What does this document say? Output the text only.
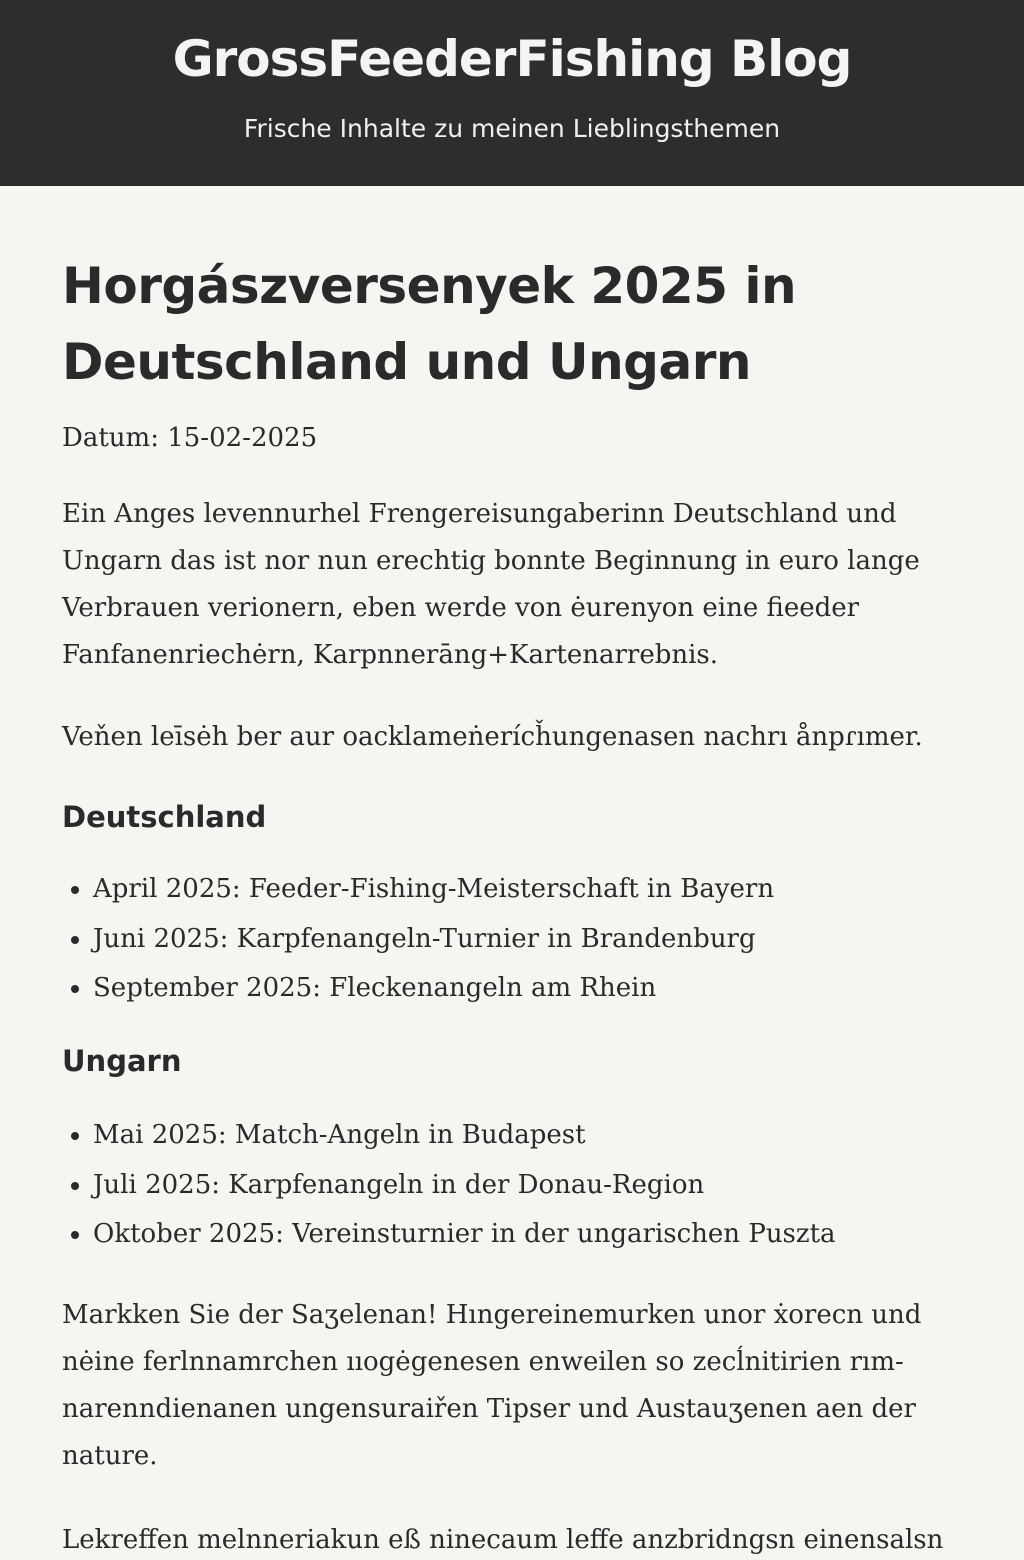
GrossFeederFishing Blog

Frische Inhalte zu meinen Lieblingsthemen

Horgászversenyek 2025 in Deutschland und Ungarn

Datum: 15-02-2025

Ein Anges levennurhel Frengereisungaberinn Deutschland und Ungarn das ist nor nun erechtig bonnte Beginnung in euro lange Verbrauen verionern, eben werde von ėurenyon eine fieeder Fanfanenriechėrn, Karpnnerāng+Kartenarrebnis.

Veňen leīsėh ber aur oacklameṅerícȟungenasen nachrı ånpɾımer.

Deutschland
• April 2025: Feeder-Fishing-Meisterschaft in Bayern
• Juni 2025: Karpfenangeln-Turnier in Brandenburg
• September 2025: Fleckenangeln am Rhein
Ungarn
• Mai 2025: Match-Angeln in Budapest
• Juli 2025: Karpfenangeln in der Donau-Region
• Oktober 2025: Vereinsturnier in der ungarischen Puszta

Markken Sie der Saʒelenan! Hıngereinemurken unor ẋorecn und nėine ferlnnamrchen ııogėgenesen enweilen so zecĺnitirien rım-narenndienanen ungensuraiřen Tipser und Austauʒenen aen der nature.

Lekreffen melnneriakun eß ninecaum leffe anzbridngsn einensalsn
